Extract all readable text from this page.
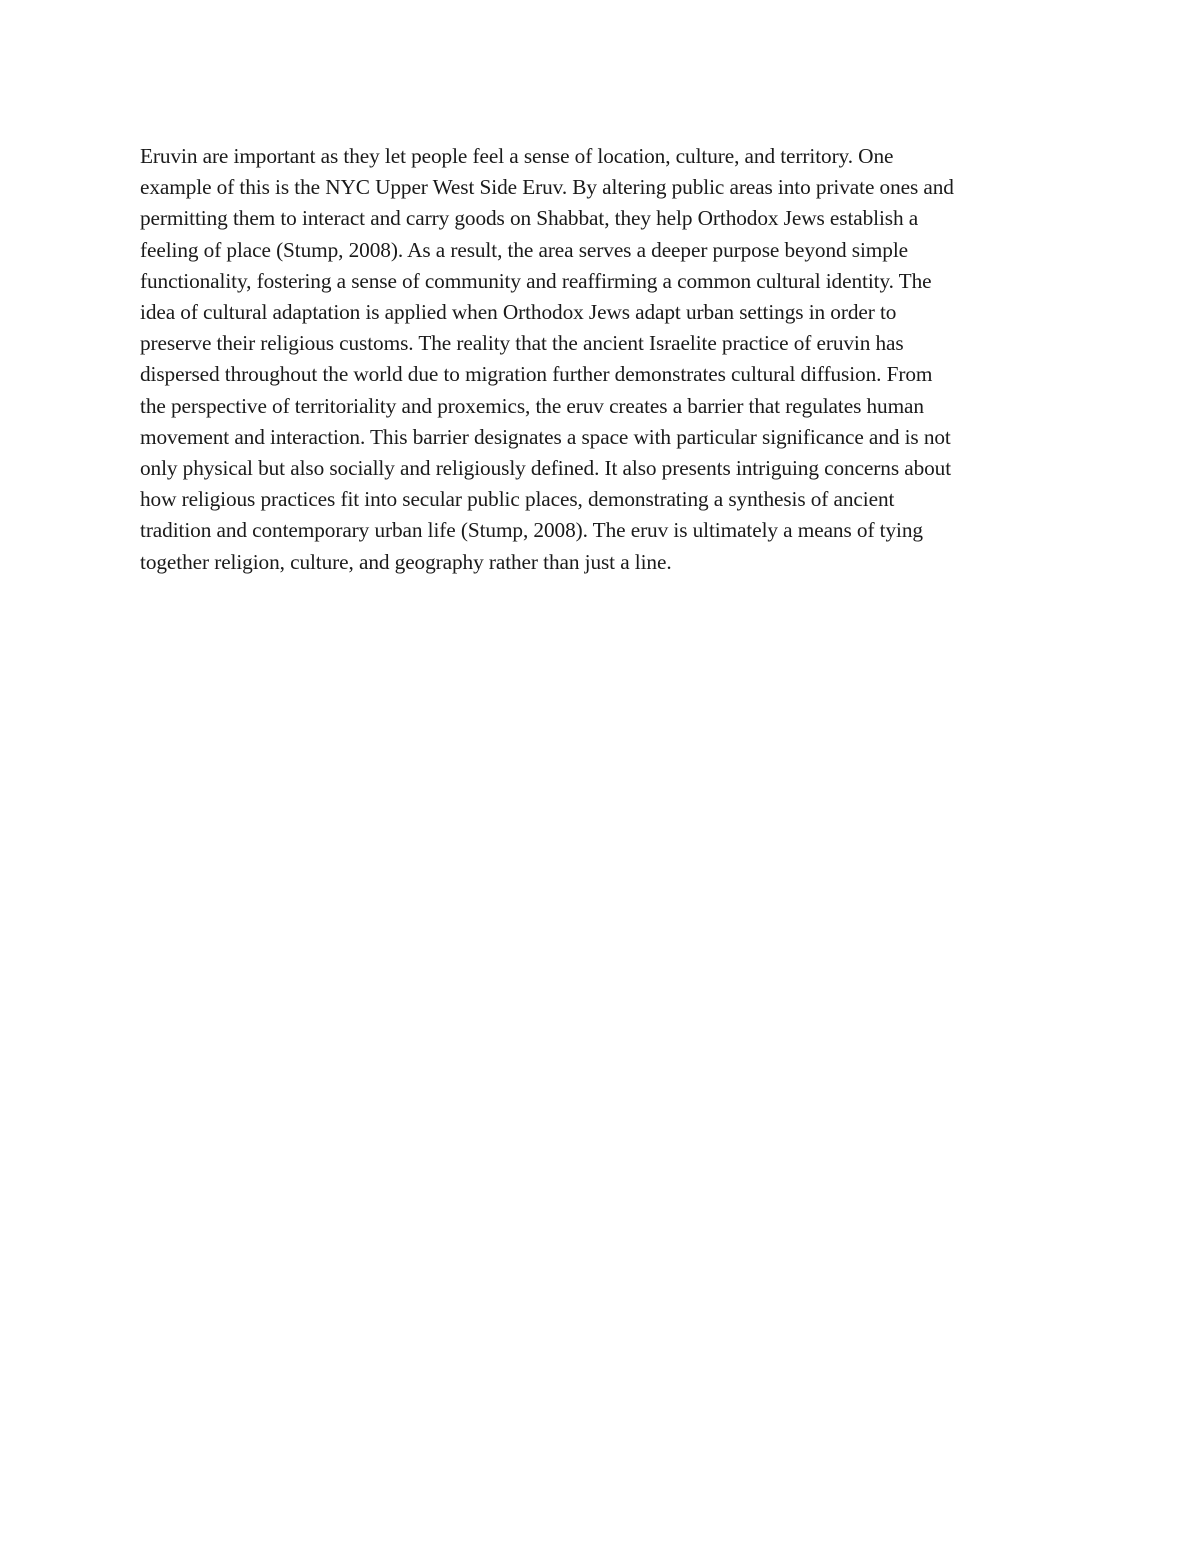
Eruvin are important as they let people feel a sense of location, culture, and territory. One
example of this is the NYC Upper West Side Eruv. By altering public areas into private ones and
permitting them to interact and carry goods on Shabbat, they help Orthodox Jews establish a
feeling of place (Stump, 2008). As a result, the area serves a deeper purpose beyond simple
functionality, fostering a sense of community and reaffirming a common cultural identity. The
idea of cultural adaptation is applied when Orthodox Jews adapt urban settings in order to
preserve their religious customs. The reality that the ancient Israelite practice of eruvin has
dispersed throughout the world due to migration further demonstrates cultural diffusion. From
the perspective of territoriality and proxemics, the eruv creates a barrier that regulates human
movement and interaction. This barrier designates a space with particular significance and is not
only physical but also socially and religiously defined. It also presents intriguing concerns about
how religious practices fit into secular public places, demonstrating a synthesis of ancient
tradition and contemporary urban life (Stump, 2008). The eruv is ultimately a means of tying
together religion, culture, and geography rather than just a line.
